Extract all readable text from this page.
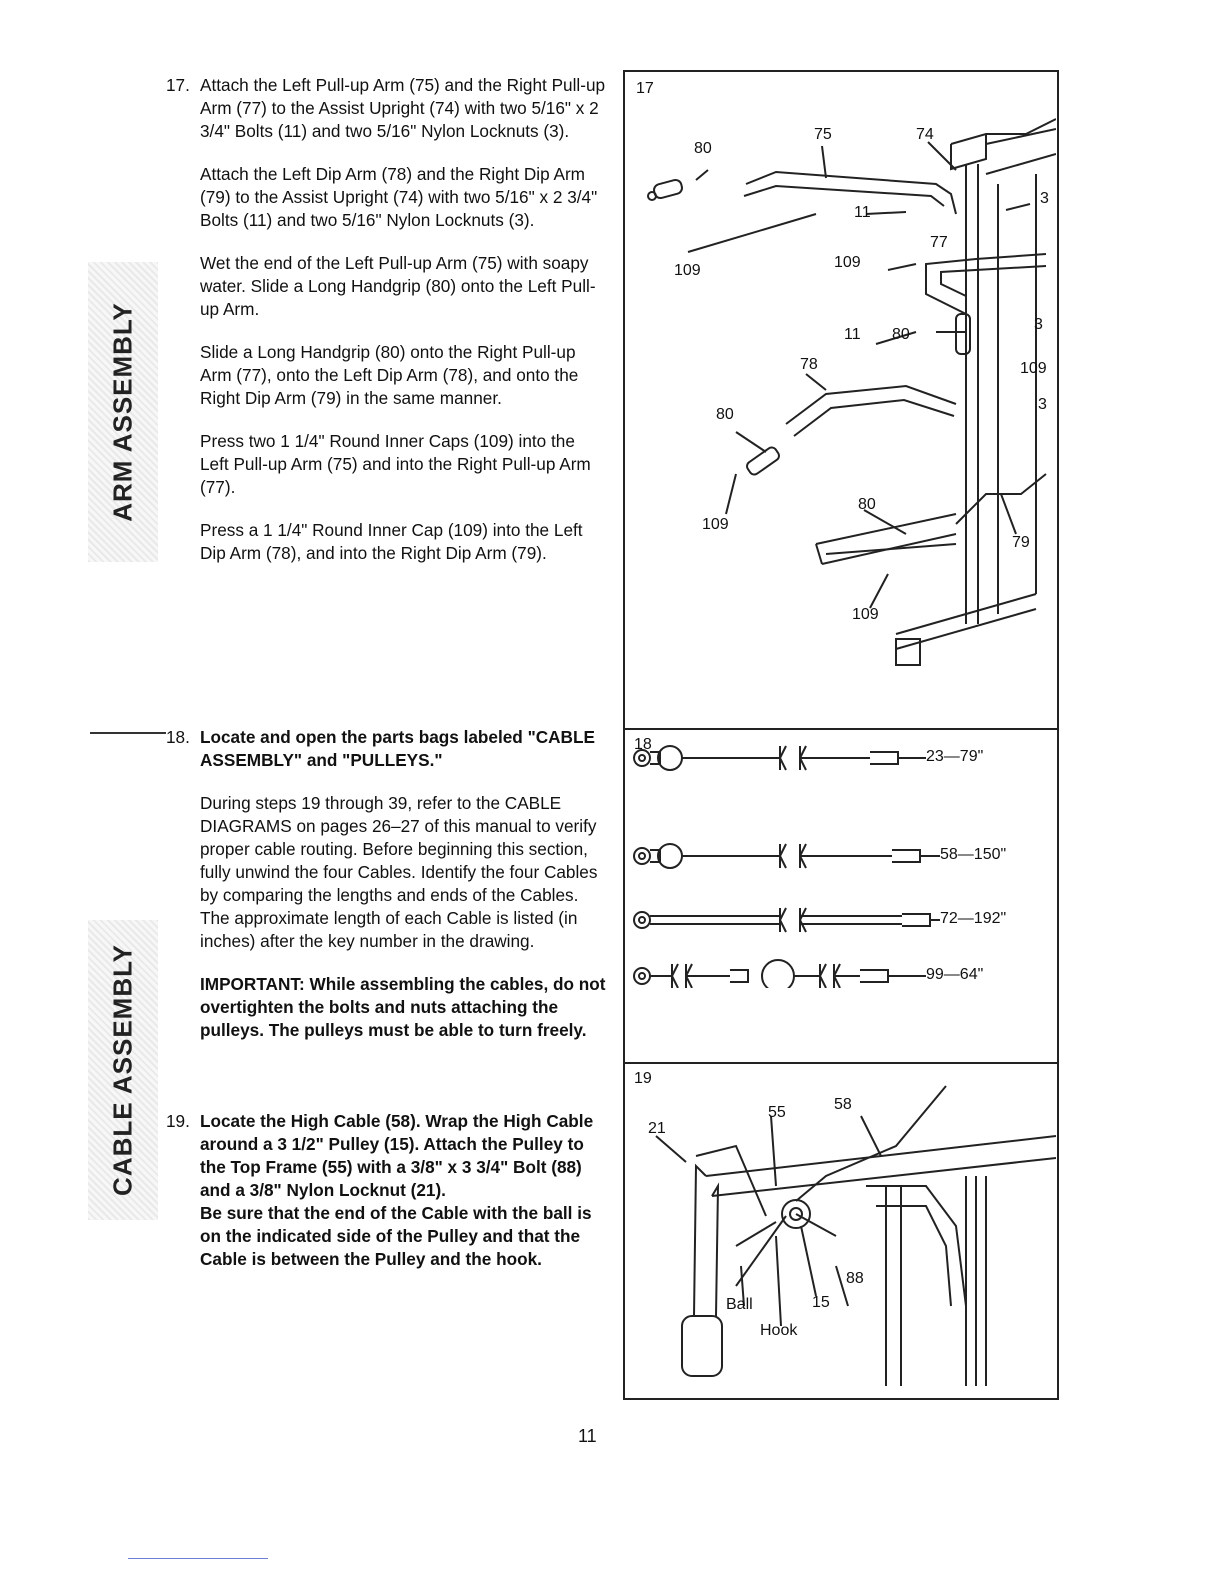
ARM ASSEMBLY
CABLE ASSEMBLY
17. Attach the Left Pull-up Arm (75) and the Right Pull-up Arm (77) to the Assist Upright (74) with two 5/16" x 2 3/4" Bolts (11) and two 5/16" Nylon Locknuts (3).

Attach the Left Dip Arm (78) and the Right Dip Arm (79) to the Assist Upright (74) with two 5/16" x 2 3/4" Bolts (11) and two 5/16" Nylon Locknuts (3).

Wet the end of the Left Pull-up Arm (75) with soapy water. Slide a Long Handgrip (80) onto the Left Pull-up Arm.

Slide a Long Handgrip (80) onto the Right Pull-up Arm (77), onto the Left Dip Arm (78), and onto the Right Dip Arm (79) in the same manner.

Press two 1 1/4" Round Inner Caps (109) into the Left Pull-up Arm (75) and into the Right Pull-up Arm (77).

Press a 1 1/4" Round Inner Cap (109) into the Left Dip Arm (78), and into the Right Dip Arm (79).

18. Locate and open the parts bags labeled "CABLE ASSEMBLY" and "PULLEYS."

During steps 19 through 39, refer to the CABLE DIAGRAMS on pages 26–27 of this manual to verify proper cable routing. Before beginning this section, fully unwind the four Cables. Identify the four Cables by comparing the lengths and ends of the Cables. The approximate length of each Cable is listed (in inches) after the key number in the drawing.

IMPORTANT: While assembling the cables, do not overtighten the bolts and nuts attaching the pulleys. The pulleys must be able to turn freely.

19. Locate the High Cable (58). Wrap the High Cable around a 3 1/2" Pulley (15). Attach the Pulley to the Top Frame (55) with a 3/8" x 3 3/4" Bolt (88) and a 3/8" Nylon Locknut (21).

Be sure that the end of the Cable with the ball is on the indicated side of the Pulley and that the Cable is between the Pulley and the hook.

17
80
75	74
3
11
77
109	109
11 80
3
78	109
3
80
109
80
79
109
18
23—79"
58—150"
72—192"
99—64"
19
21
55	58
88
15
Ball
Hook
11
